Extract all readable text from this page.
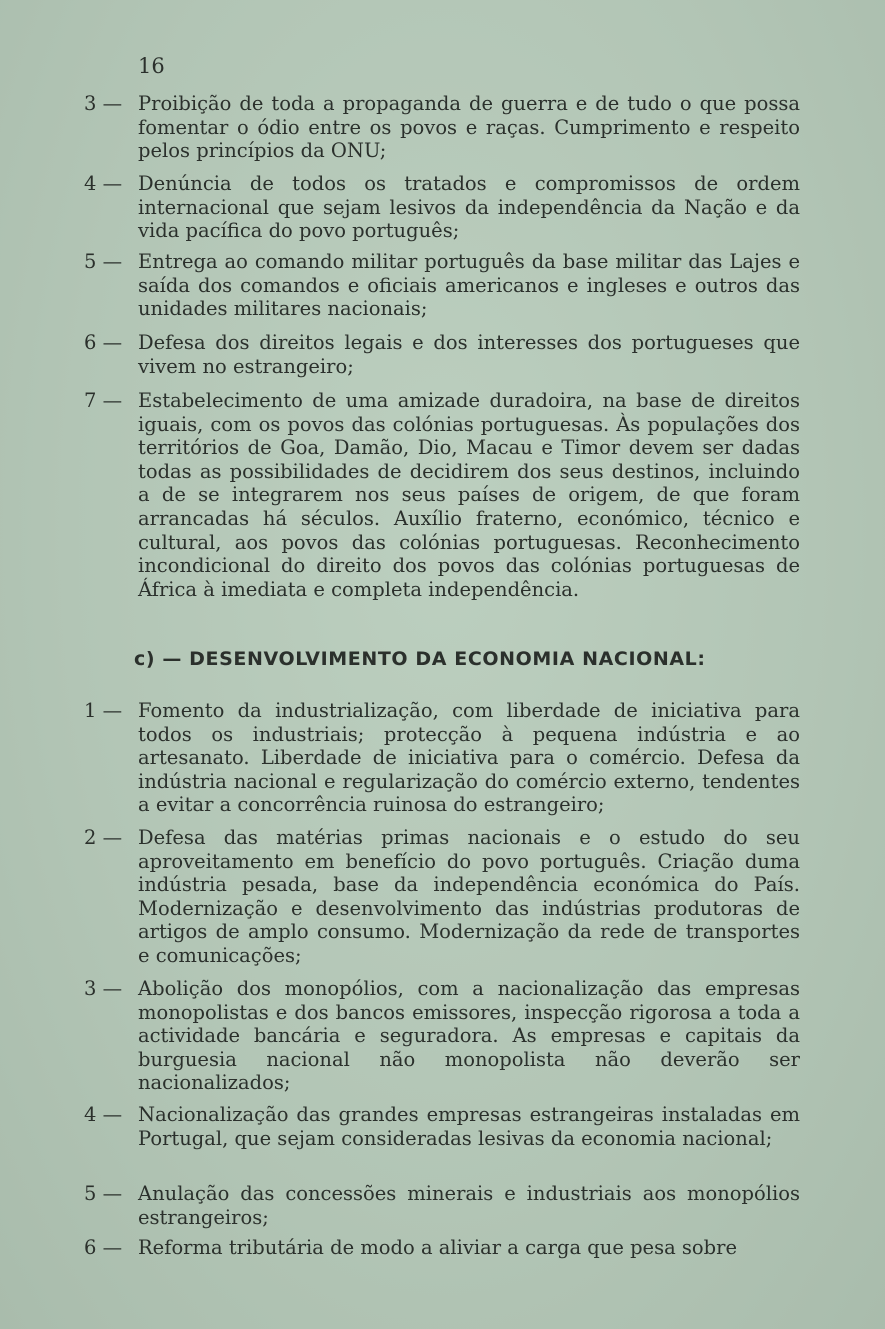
16
3 — Proibição de toda a propaganda de guerra e de tudo o que possa fomentar o ódio entre os povos e raças. Cumprimento e respeito pelos princípios da ONU;
4 — Denúncia de todos os tratados e compromissos de ordem internacional que sejam lesivos da independência da Nação e da vida pacífica do povo português;
5 — Entrega ao comando militar português da base militar das Lajes e saída dos comandos e oficiais americanos e ingleses e outros das unidades militares nacionais;
6 — Defesa dos direitos legais e dos interesses dos portugueses que vivem no estrangeiro;
7 — Estabelecimento de uma amizade duradoira, na base de direitos iguais, com os povos das colónias portuguesas. Às populações dos territórios de Goa, Damão, Dio, Macau e Timor devem ser dadas todas as possibilidades de decidirem dos seus destinos, incluindo a de se integrarem nos seus países de origem, de que foram arrancadas há séculos. Auxílio fraterno, económico, técnico e cultural, aos povos das colónias portuguesas. Reconhecimento incondicional do direito dos povos das colónias portuguesas de África à imediata e completa independência.
c) — DESENVOLVIMENTO DA ECONOMIA NACIONAL:
1 — Fomento da industrialização, com liberdade de iniciativa para todos os industriais; protecção à pequena indústria e ao artesanato. Liberdade de iniciativa para o comércio. Defesa da indústria nacional e regularização do comércio externo, tendentes a evitar a concorrência ruinosa do estrangeiro;
2 — Defesa das matérias primas nacionais e o estudo do seu aproveitamento em benefício do povo português. Criação duma indústria pesada, base da independência económica do País. Modernização e desenvolvimento das indústrias produtoras de artigos de amplo consumo. Modernização da rede de transportes e comunicações;
3 — Abolição dos monopólios, com a nacionalização das empresas monopolistas e dos bancos emissores, inspecção rigorosa a toda a actividade bancária e seguradora. As empresas e capitais da burguesia nacional não monopolista não deverão ser nacionalizados;
4 — Nacionalização das grandes empresas estrangeiras instaladas em Portugal, que sejam consideradas lesivas da economia nacional;
5 — Anulação das concessões minerais e industriais aos monopólios estrangeiros;
6 — Reforma tributária de modo a aliviar a carga que pesa sobre
